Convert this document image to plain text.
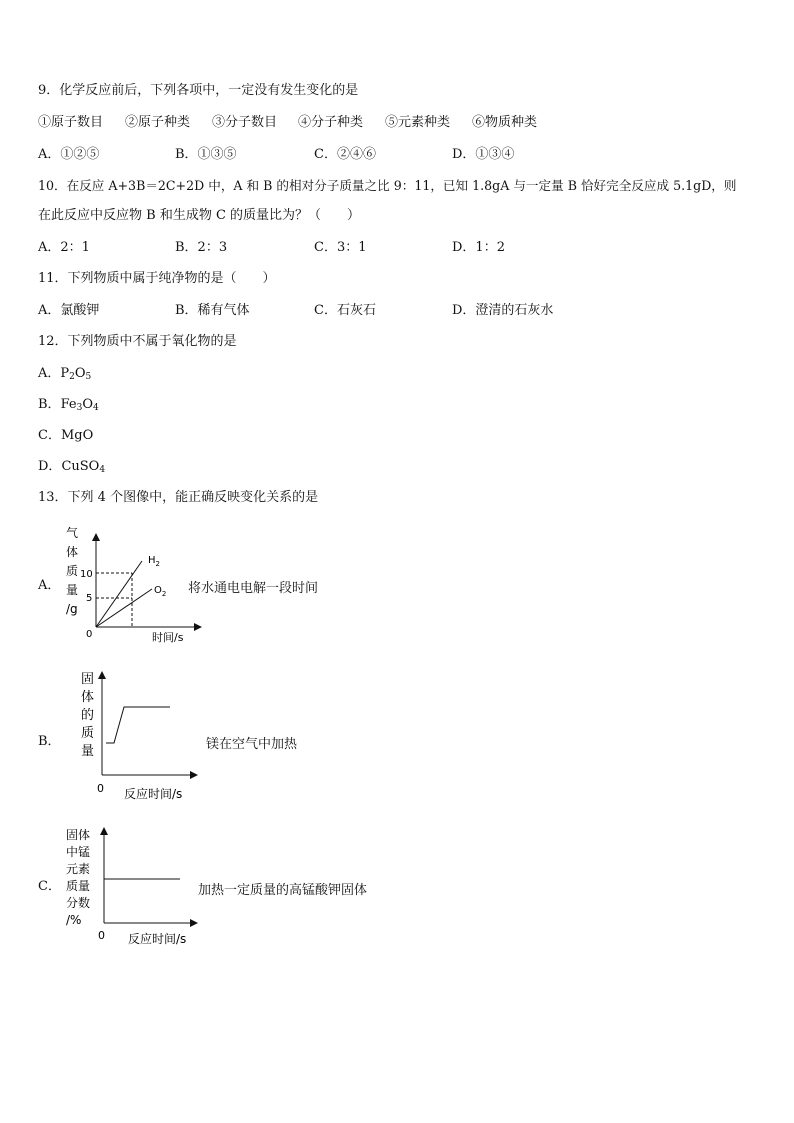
9．化学反应前后，下列各项中，一定没有发生变化的是
①原子数目 ②原子种类 ③分子数目 ④分子种类 ⑤元素种类 ⑥物质种类
A．①②⑤	B．①③⑤	C．②④⑥	D．①③④
10．在反应 A+3B＝2C+2D 中，A 和 B 的相对分子质量之比 9：11，已知 1.8gA 与一定量 B 恰好完全反应成 5.1gD，则
在此反应中反应物 B 和生成物 C 的质量比为？（　　）
A．2：1	B．2：3	C．3：1	D．1：2
11．下列物质中属于纯净物的是（　　）
A．氯酸钾	B．稀有气体	C．石灰石	D．澄清的石灰水
12．下列物质中不属于氧化物的是
A．$P_2O_5$
B．$Fe_3O_4$
C．MgO
D．CuSO$_4$
13．下列 4 个图像中，能正确反映变化关系的是
A．
气
体
质
量
/g
10
5
$H_2$
$O_2$
0	时间/s
将水通电电解一段时间
B．
固
体
的
质
量
0 反应时间/s
镁在空气中加热
C．
固体
中锰
元素
质量
分数
/%
0 反应时间/s
加热一定质量的高锰酸钾固体
